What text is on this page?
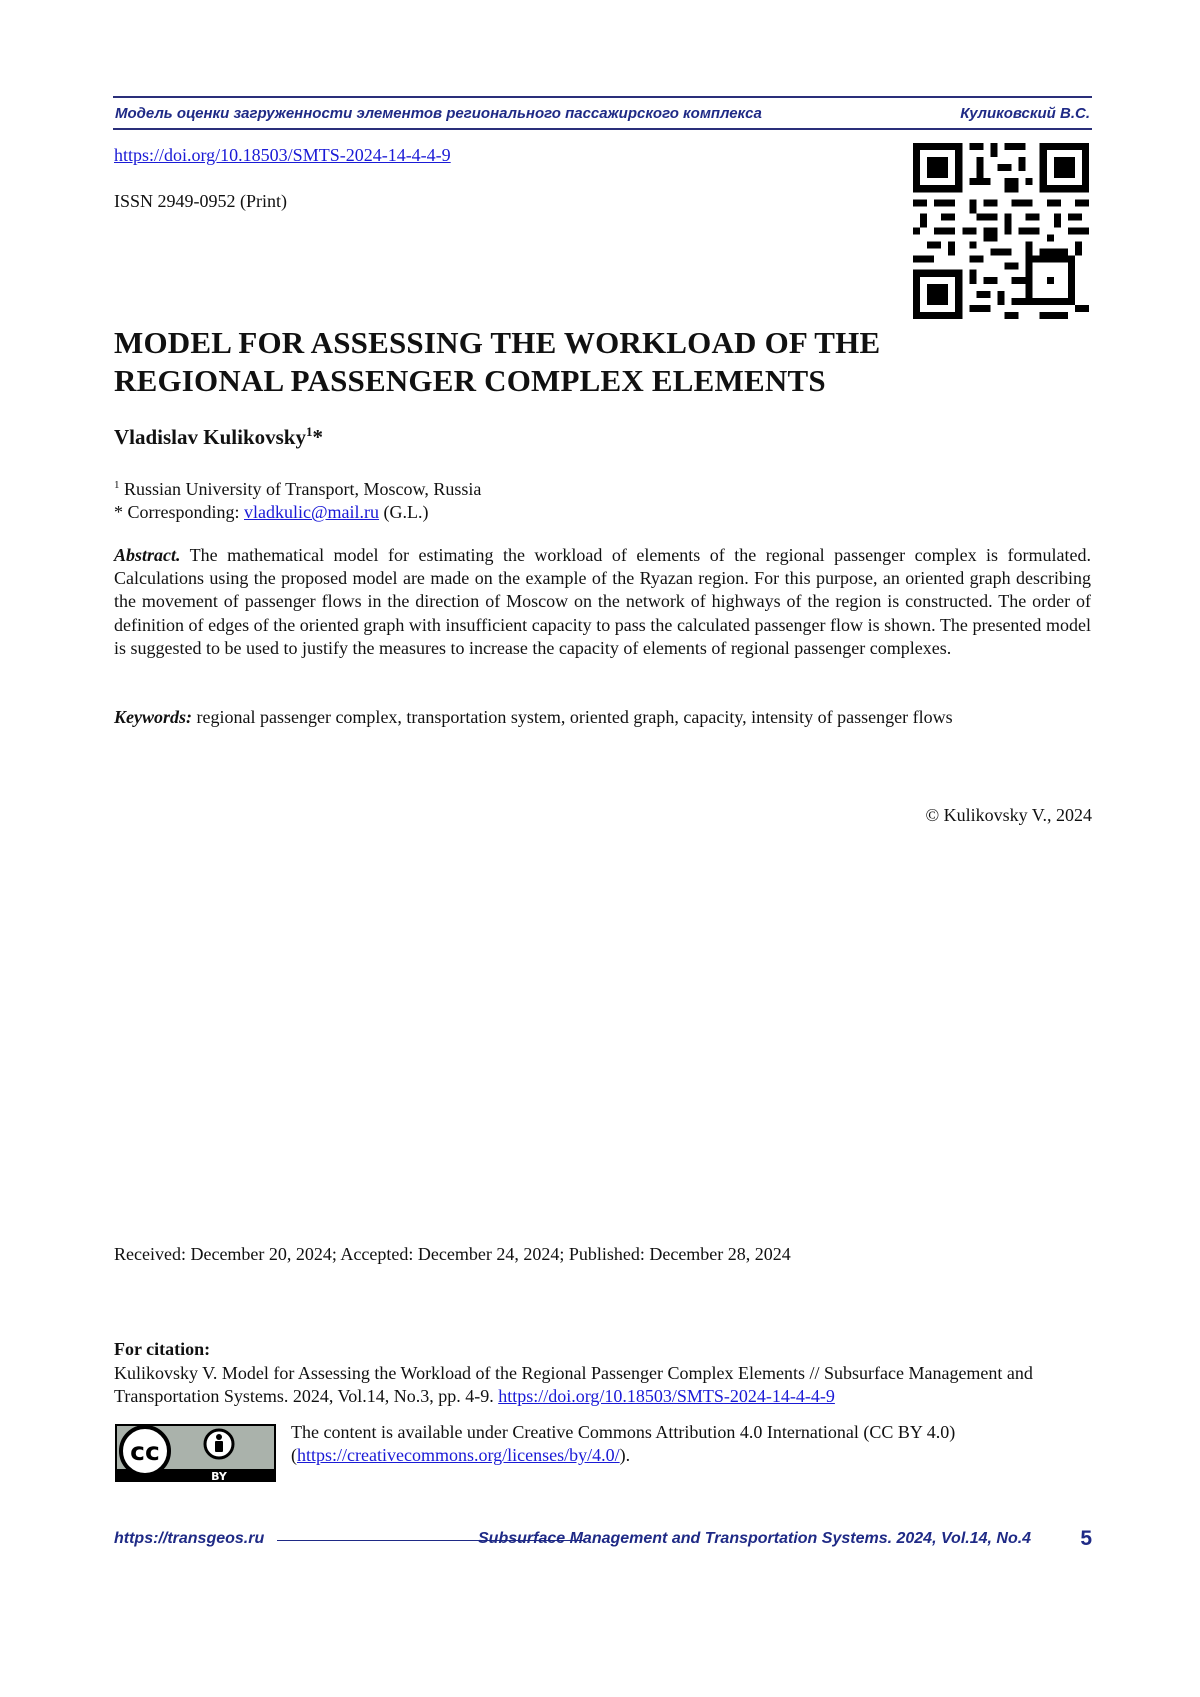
Модель оценки загруженности элементов регионального пассажирского комплекса	Куликовский В.С.
https://doi.org/10.18503/SMTS-2024-14-4-4-9
ISSN 2949-0952 (Print)
MODEL FOR ASSESSING THE WORKLOAD OF THE
REGIONAL PASSENGER COMPLEX ELEMENTS
Vladislav Kulikovsky1*
1 Russian University of Transport, Moscow, Russia
* Corresponding: vladkulic@mail.ru (G.L.)

Abstract. The mathematical model for estimating the workload of elements of the regional passenger complex is formulated. Calculations using the proposed model are made on the example of the Ryazan region. For this purpose, an oriented graph describing the movement of passenger flows in the direction of Moscow on the network of highways of the region is constructed. The order of definition of edges of the oriented graph with insufficient capacity to pass the calculated passenger flow is shown. The presented model is suggested to be used to justify the measures to increase the capacity of elements of regional passenger complexes.

Keywords: regional passenger complex, transportation system, oriented graph, capacity, intensity of passenger flows
© Kulikovsky V., 2024
Received: December 20, 2024; Accepted: December 24, 2024; Published: December 28, 2024
For citation:

Kulikovsky V. Model for Assessing the Workload of the Regional Passenger Complex Elements // Subsurface Management and Transportation Systems. 2024, Vol.14, No.3, pp. 4-9. https://doi.org/10.18503/SMTS-2024-14-4-4-9

cc
BY

The content is available under Creative Commons Attribution 4.0 International (CC BY 4.0)
(https://creativecommons.org/licenses/by/4.0/).

https://transgeos.ru	Subsurface Management and Transportation Systems. 2024, Vol.14, No.4 5
